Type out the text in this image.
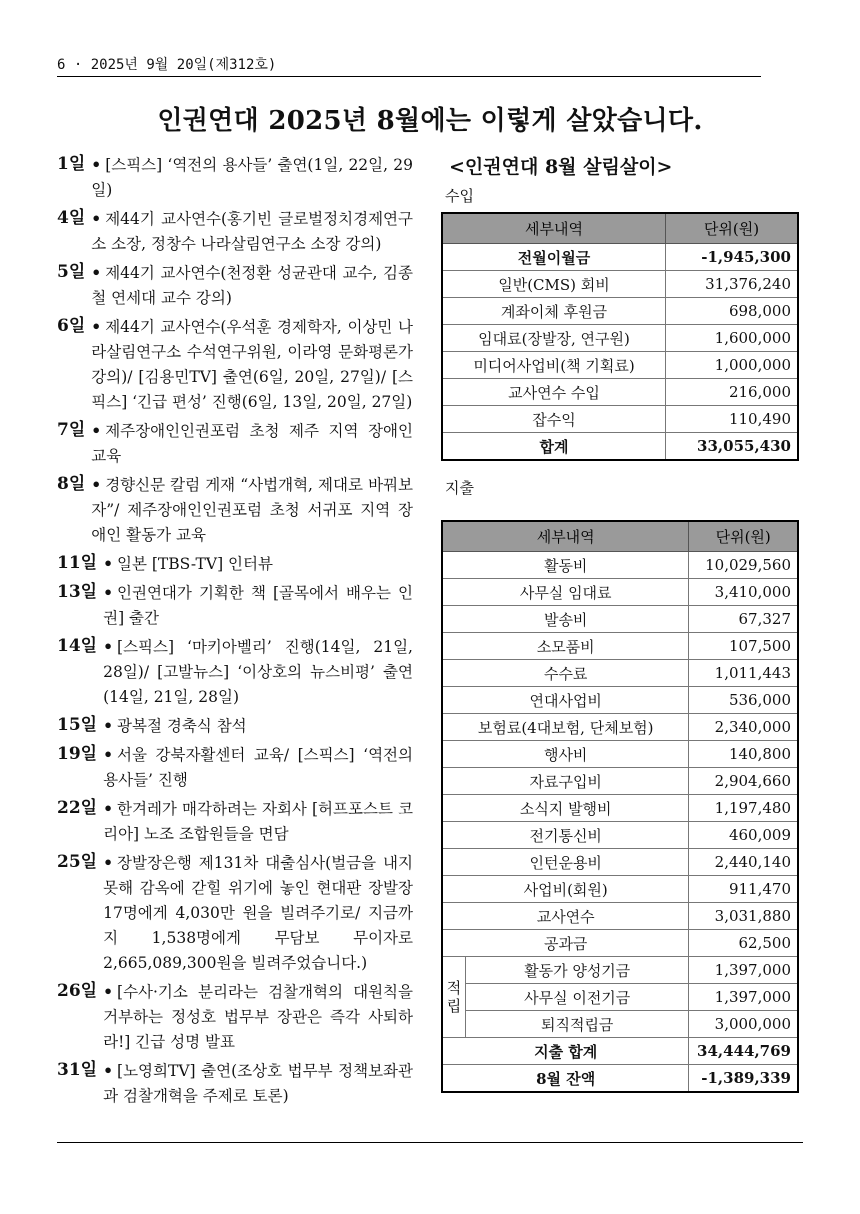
6 · 2025년 9월 20일(제312호)
인권연대 2025년 8월에는 이렇게 살았습니다.
1일 • [스픽스] ‘역전의 용사들’ 출연(1일, 22일, 29일)
4일 • 제44기 교사연수(홍기빈 글로벌정치경제연구소 소장, 정창수 나라살림연구소 소장 강의)
5일 • 제44기 교사연수(천정환 성균관대 교수, 김종철 연세대 교수 강의)
6일 • 제44기 교사연수(우석훈 경제학자, 이상민 나라살림연구소 수석연구위원, 이라영 문화평론가 강의)/ [김용민TV] 출연(6일, 20일, 27일)/ [스픽스] ‘긴급 편성’ 진행(6일, 13일, 20일, 27일)
7일 • 제주장애인인권포럼 초청 제주 지역 장애인 교육
8일 • 경향신문 칼럼 게재 “사법개혁, 제대로 바꿔보자”/ 제주장애인인권포럼 초청 서귀포 지역 장애인 활동가 교육
11일 • 일본 [TBS-TV] 인터뷰
13일 • 인권연대가 기획한 책 [골목에서 배우는 인권] 출간
14일 • [스픽스] ‘마키아벨리’ 진행(14일, 21일, 28일)/ [고발뉴스] ‘이상호의 뉴스비평’ 출연(14일, 21일, 28일)
15일 • 광복절 경축식 참석
19일 • 서울 강북자활센터 교육/ [스픽스] ‘역전의 용사들’ 진행
22일 • 한겨레가 매각하려는 자회사 [허프포스트 코리아] 노조 조합원들을 면담
25일 • 장발장은행 제131차 대출심사(벌금을 내지 못해 감옥에 갇힐 위기에 놓인 현대판 장발장 17명에게 4,030만 원을 빌려주기로/ 지금까지 1,538명에게 무담보 무이자로 2,665,089,300원을 빌려주었습니다.)
26일 • [수사·기소 분리라는 검찰개혁의 대원칙을 거부하는 정성호 법무부 장관은 즉각 사퇴하라!] 긴급 성명 발표
31일 • [노영희TV] 출연(조상호 법무부 정책보좌관과 검찰개혁을 주제로 토론)
<인권연대 8월 살림살이>
수입
세부내역	단위(원)
전월이월금	-1,945,300
일반(CMS) 회비	31,376,240
계좌이체 후원금	698,000
임대료(장발장, 연구원)	1,600,000
미디어사업비(책 기획료)	1,000,000
교사연수 수입	216,000
잡수익	110,490
합계	33,055,430
지출
세부내역		단위(원)
활동비		10,029,560
사무실 임대료		3,410,000
발송비		67,327
소모품비		107,500
수수료		1,011,443
연대사업비		536,000
보험료(4대보험, 단체보험)		2,340,000
행사비		140,800
자료구입비		2,904,660
소식지 발행비		1,197,480
전기통신비		460,009
인턴운용비		2,440,140
사업비(회원)		911,470
교사연수		3,031,880
공과금		62,500
적립	활동가 양성기금	1,397,000
	사무실 이전기금	1,397,000
	퇴직적립금	3,000,000
지출 합계		34,444,769
8월 잔액		-1,389,339
